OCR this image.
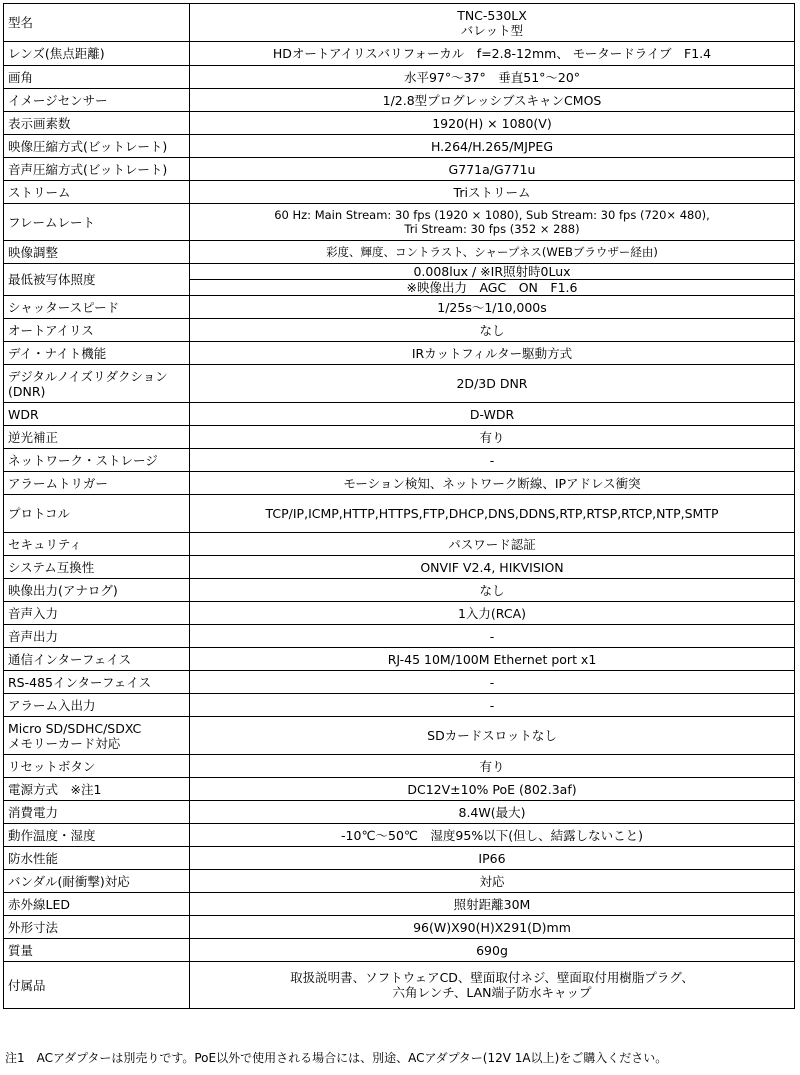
型名	TNC-530LX
バレット型
レンズ(焦点距離)	HDオートアイリスバリフォーカル　f=2.8-12mm、 モータードライブ　F1.4
画角	水平97°～37°　垂直51°～20°
イメージセンサー	1/2.8型プログレッシブスキャンCMOS
表示画素数	1920(H) × 1080(V)
映像圧縮方式(ビットレート)	H.264/H.265/MJPEG
音声圧縮方式(ビットレート)	G771a/G771u
ストリーム	Triストリーム
フレームレート	60 Hz: Main Stream: 30 fps (1920 × 1080), Sub Stream: 30 fps (720× 480),
Tri Stream: 30 fps (352 × 288)
映像調整	彩度、輝度、コントラスト、シャープネス(WEBブラウザー経由)
最低被写体照度	0.008lux / ※IR照射時0Lux
	※映像出力　AGC　ON　F1.6
シャッタースピード	1/25s～1/10,000s
オートアイリス	なし
デイ・ナイト機能	IRカットフィルター駆動方式
デジタルノイズリダクション
(DNR)	2D/3D DNR
WDR	D-WDR
逆光補正	有り
ネットワーク・ストレージ	-
アラームトリガー	モーション検知、ネットワーク断線、IPアドレス衝突
プロトコル	TCP/IP,ICMP,HTTP,HTTPS,FTP,DHCP,DNS,DDNS,RTP,RTSP,RTCP,NTP,SMTP
セキュリティ	パスワード認証
システム互換性	ONVIF V2.4, HIKVISION
映像出力(アナログ)	なし
音声入力	1入力(RCA)
音声出力	-
通信インターフェイス	RJ-45 10M/100M Ethernet port x1
RS-485インターフェイス	-
アラーム入出力	-
Micro SD/SDHC/SDXC
メモリーカード対応	SDカードスロットなし
リセットボタン	有り
電源方式　※注1	DC12V±10% PoE (802.3af)
消費電力	8.4W(最大)
動作温度・湿度	-10℃～50℃　湿度95%以下(但し、結露しないこと)
防水性能	IP66
バンダル(耐衝撃)対応	対応
赤外線LED	照射距離30M
外形寸法	96(W)X90(H)X291(D)mm
質量	690g
付属品	取扱説明書、ソフトウェアCD、壁面取付ネジ、壁面取付用樹脂プラグ、
六角レンチ、LAN端子防水キャップ
注1　ACアダプターは別売りです。PoE以外で使用される場合には、別途、ACアダプター(12V 1A以上)をご購入ください。
